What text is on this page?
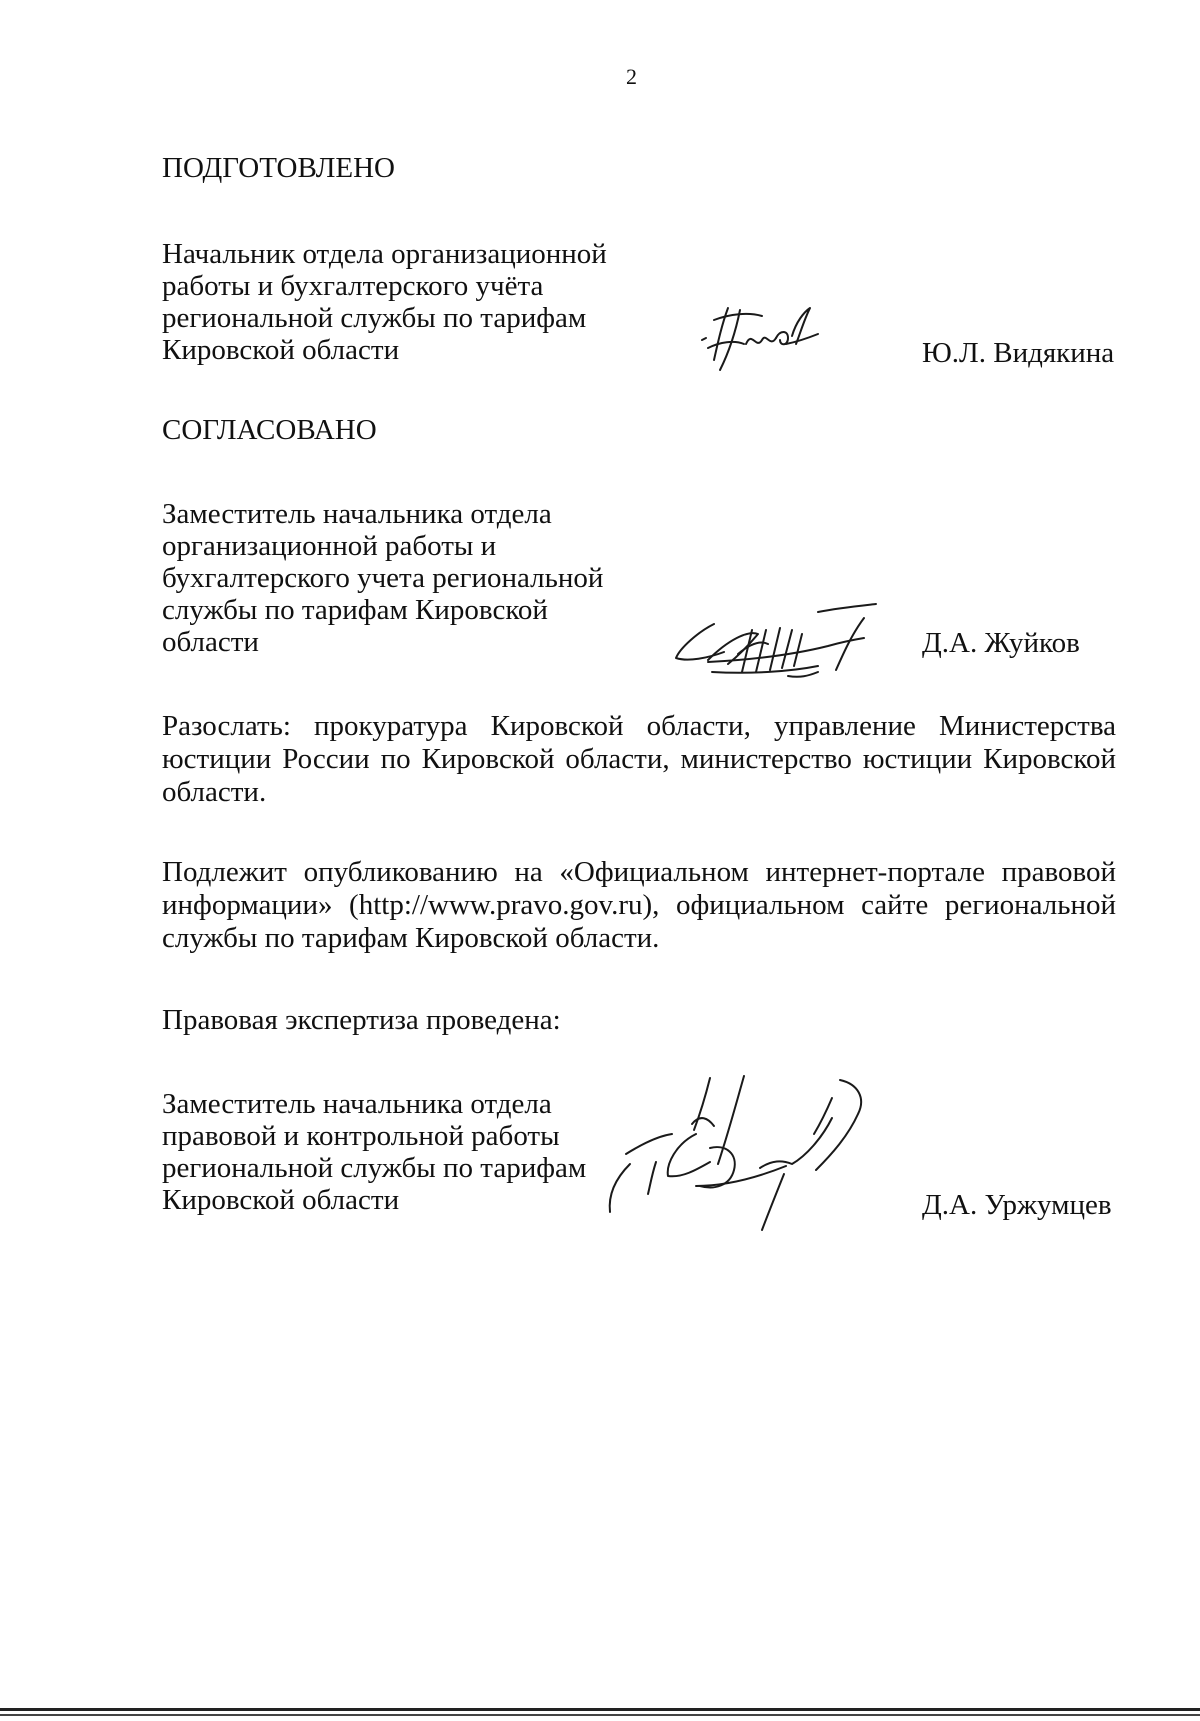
2
ПОДГОТОВЛЕНО
Начальник отдела организационной
работы и бухгалтерского учёта
региональной службы по тарифам
Кировской области	Ю.Л. Видякина
СОГЛАСОВАНО
Заместитель начальника отдела
организационной работы и
бухгалтерского учета региональной
службы по тарифам Кировской
области	Д.А. Жуйков
Разослать: прокуратура Кировской области, управление Министерства юстиции России по Кировской области, министерство юстиции Кировской области.
Подлежит опубликованию на «Официальном интернет-портале правовой информации» (http://www.pravo.gov.ru), официальном сайте региональной службы по тарифам Кировской области.
Правовая экспертиза проведена:
Заместитель начальника отдела
правовой и контрольной работы
региональной службы по тарифам
Кировской области	Д.А. Уржумцев
